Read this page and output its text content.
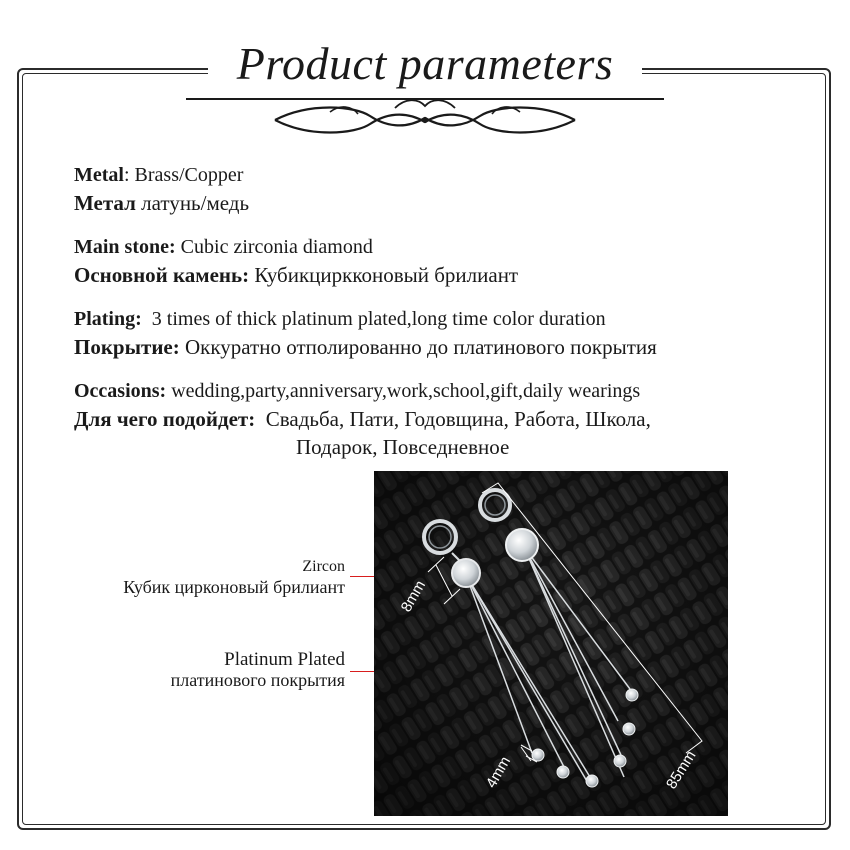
Product parameters
Metal: Brass/Copper
Метал латунь/медь
Main stone: Cubic zirconia diamond
Основной камень: Кубикциркконовый брилиант
Plating: 3 times of thick platinum plated,long time color duration
Покрытие: Оккуратно отполированно до платинового покрытия
Occasions: wedding,party,anniversary,work,school,gift,daily wearings
Для чего подойдет: Свадьба, Пати, Годовщина, Работа, Школа,
Подарок, Повседневное
Zircon
Кубик цирконовый брилиант
Platinum Plated
платинового покрытия
8mm
4mm	85mm
